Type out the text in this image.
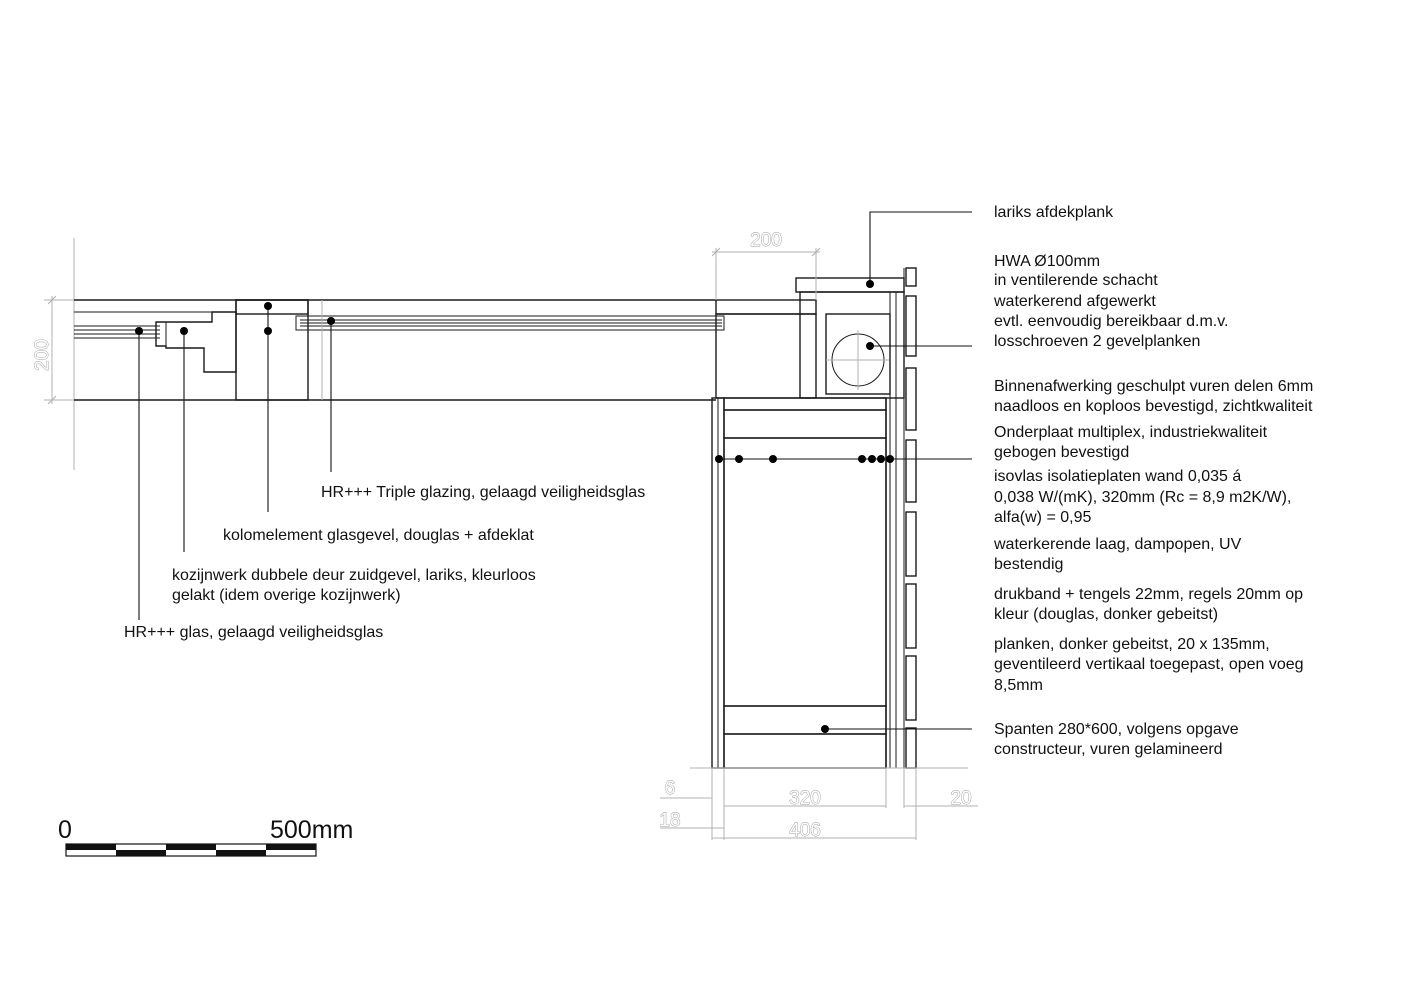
200
200
6
18
320	20
406
lariks afdekplank
HWA Ø100mm in ventilerende schacht waterkerend afgewerkt evtl. eenvoudig bereikbaar d.m.v. losschroeven 2 gevelplanken
Binnenafwerking geschulpt vuren delen 6mm naadloos en koploos bevestigd, zichtkwaliteit
Onderplaat multiplex, industriekwaliteit gebogen bevestigd
isovlas isolatieplaten wand 0,035 á 0,038 W/(mK), 320mm (Rc = 8,9 m2K/W), alfa(w) = 0,95
waterkerende laag, dampopen, UV bestendig
drukband + tengels 22mm, regels 20mm op kleur (douglas, donker gebeitst)
planken, donker gebeitst, 20 x 135mm, geventileerd vertikaal toegepast, open voeg 8,5mm
Spanten 280*600, volgens opgave constructeur, vuren gelamineerd
HR+++ Triple glazing, gelaagd veiligheidsglas
kolomelement glasgevel, douglas + afdeklat
kozijnwerk dubbele deur zuidgevel, lariks, kleurloos gelakt (idem overige kozijnwerk)
HR+++ glas, gelaagd veiligheidsglas
0	500mm
